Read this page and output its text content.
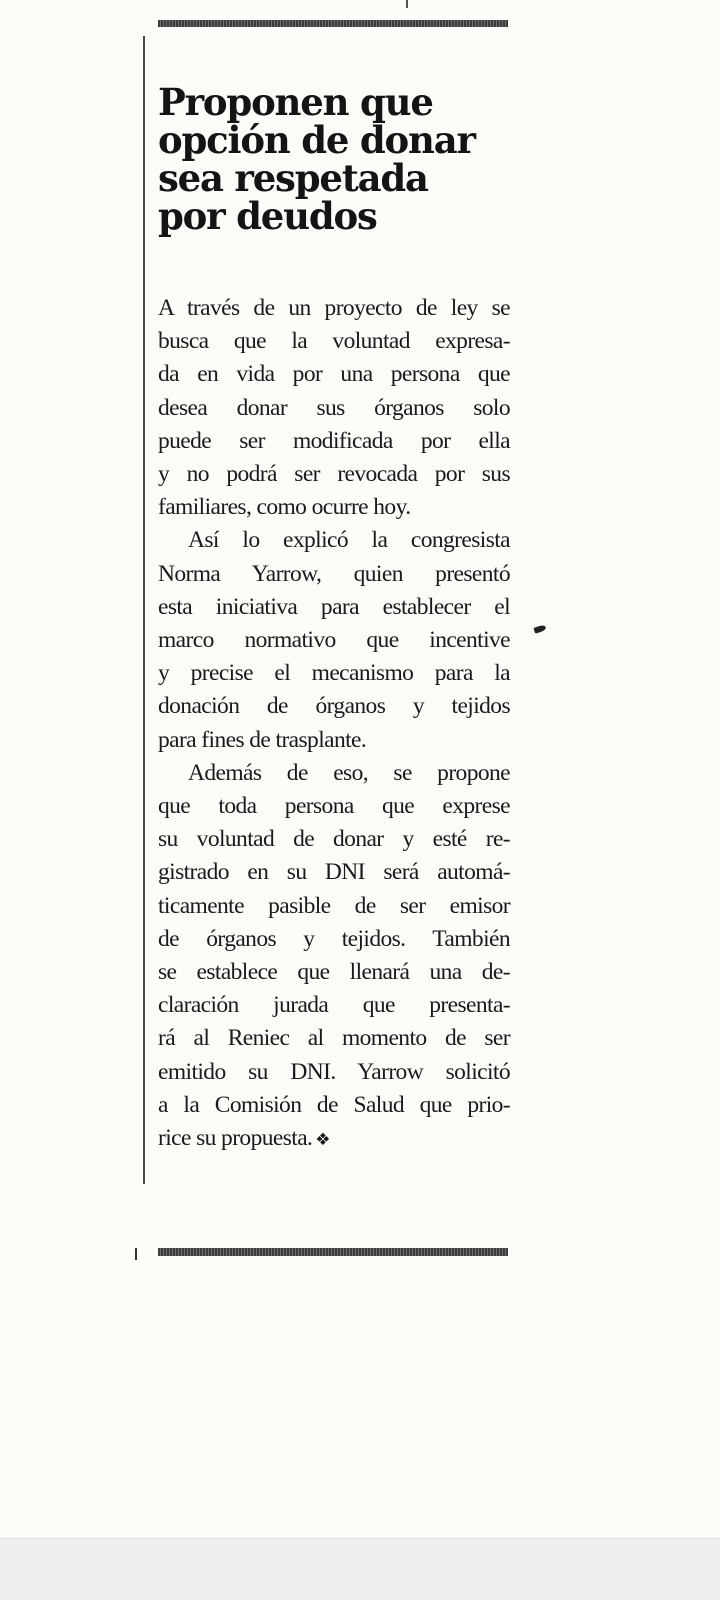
Proponen que
opción de donar
sea respetada
por deudos
A través de un proyecto de ley se
busca que la voluntad expresa-
da en vida por una persona que
desea donar sus órganos solo
puede ser modificada por ella
y no podrá ser revocada por sus
familiares, como ocurre hoy.
Así lo explicó la congresista
Norma Yarrow, quien presentó
esta iniciativa para establecer el
marco normativo que incentive
y precise el mecanismo para la
donación de órganos y tejidos
para fines de trasplante.
Además de eso, se propone
que toda persona que exprese
su voluntad de donar y esté re-
gistrado en su DNI será automá-
ticamente pasible de ser emisor
de órganos y tejidos. También
se establece que llenará una de-
claración jurada que presenta-
rá al Reniec al momento de ser
emitido su DNI. Yarrow solicitó
a la Comisión de Salud que prio-
rice su propuesta. ❖
